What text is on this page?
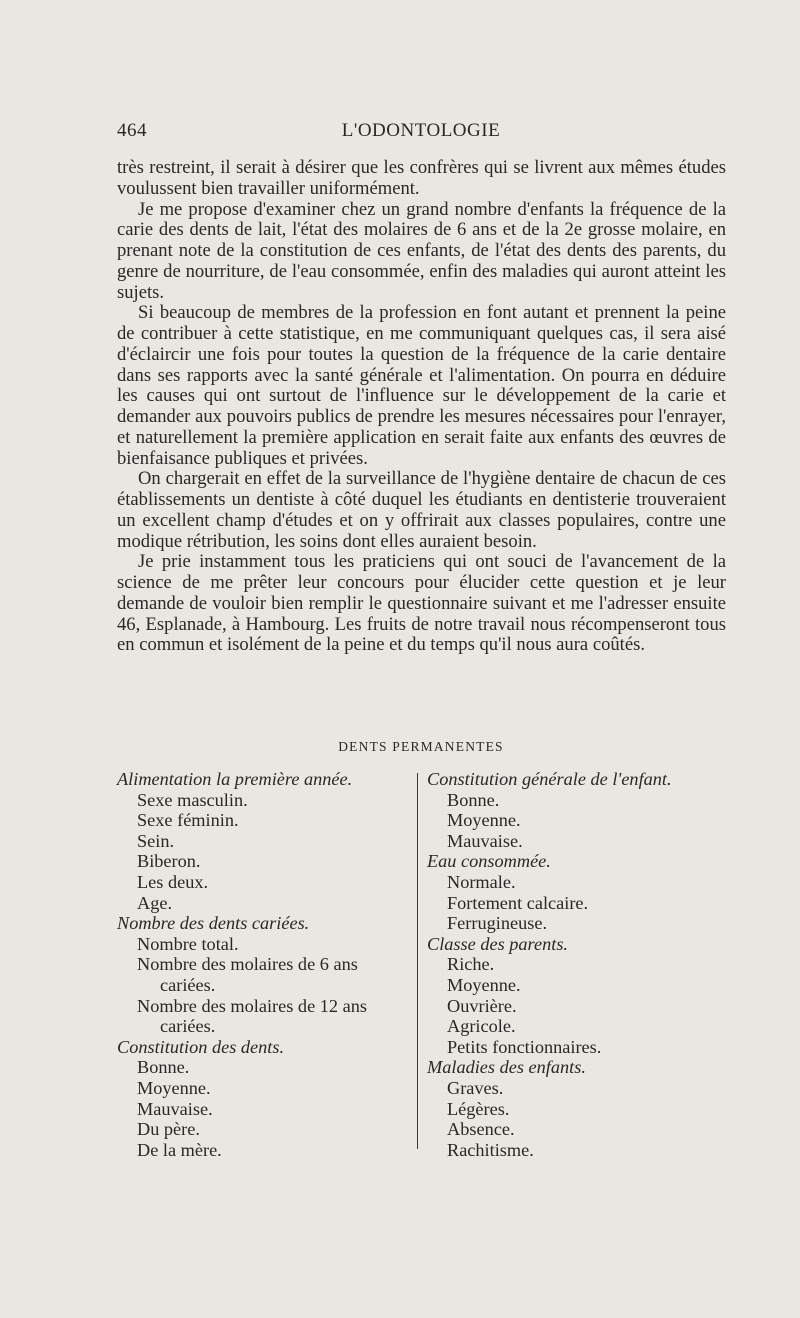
464	L'ODONTOLOGIE

très restreint, il serait à désirer que les confrères qui se livrent aux mêmes études voulussent bien travailler uniformément.

Je me propose d'examiner chez un grand nombre d'enfants la fréquence de la carie des dents de lait, l'état des molaires de 6 ans et de la 2e grosse molaire, en prenant note de la constitution de ces enfants, de l'état des dents des parents, du genre de nourriture, de l'eau consommée, enfin des maladies qui auront atteint les sujets.

Si beaucoup de membres de la profession en font autant et prennent la peine de contribuer à cette statistique, en me communiquant quelques cas, il sera aisé d'éclaircir une fois pour toutes la question de la fréquence de la carie dentaire dans ses rapports avec la santé générale et l'alimentation. On pourra en déduire les causes qui ont surtout de l'influence sur le développement de la carie et demander aux pouvoirs publics de prendre les mesures nécessaires pour l'enrayer, et naturellement la première application en serait faite aux enfants des œuvres de bienfaisance publiques et privées.

On chargerait en effet de la surveillance de l'hygiène dentaire de chacun de ces établissements un dentiste à côté duquel les étudiants en dentisterie trouveraient un excellent champ d'études et on y offrirait aux classes populaires, contre une modique rétribution, les soins dont elles auraient besoin.

Je prie instamment tous les praticiens qui ont souci de l'avancement de la science de me prêter leur concours pour élucider cette question et je leur demande de vouloir bien remplir le questionnaire suivant et me l'adresser ensuite 46, Esplanade, à Hambourg. Les fruits de notre travail nous récompenseront tous en commun et isolément de la peine et du temps qu'il nous aura coûtés.

DENTS PERMANENTES
Alimentation la première année.
Sexe masculin.
Sexe féminin.
Sein.
Biberon.
Les deux.
Age.
Nombre des dents cariées.
Nombre total.
Nombre des molaires de 6 ans
cariées.
Nombre des molaires de 12 ans
cariées.
Constitution des dents.
Bonne.
Moyenne.
Mauvaise.
Du père.
De la mère.
Constitution générale de l'enfant.
Bonne.
Moyenne.
Mauvaise.
Eau consommée.
Normale.
Fortement calcaire.
Ferrugineuse.
Classe des parents.
Riche.
Moyenne.
Ouvrière.
Agricole.
Petits fonctionnaires.
Maladies des enfants.
Graves.
Légères.
Absence.
Rachitisme.
